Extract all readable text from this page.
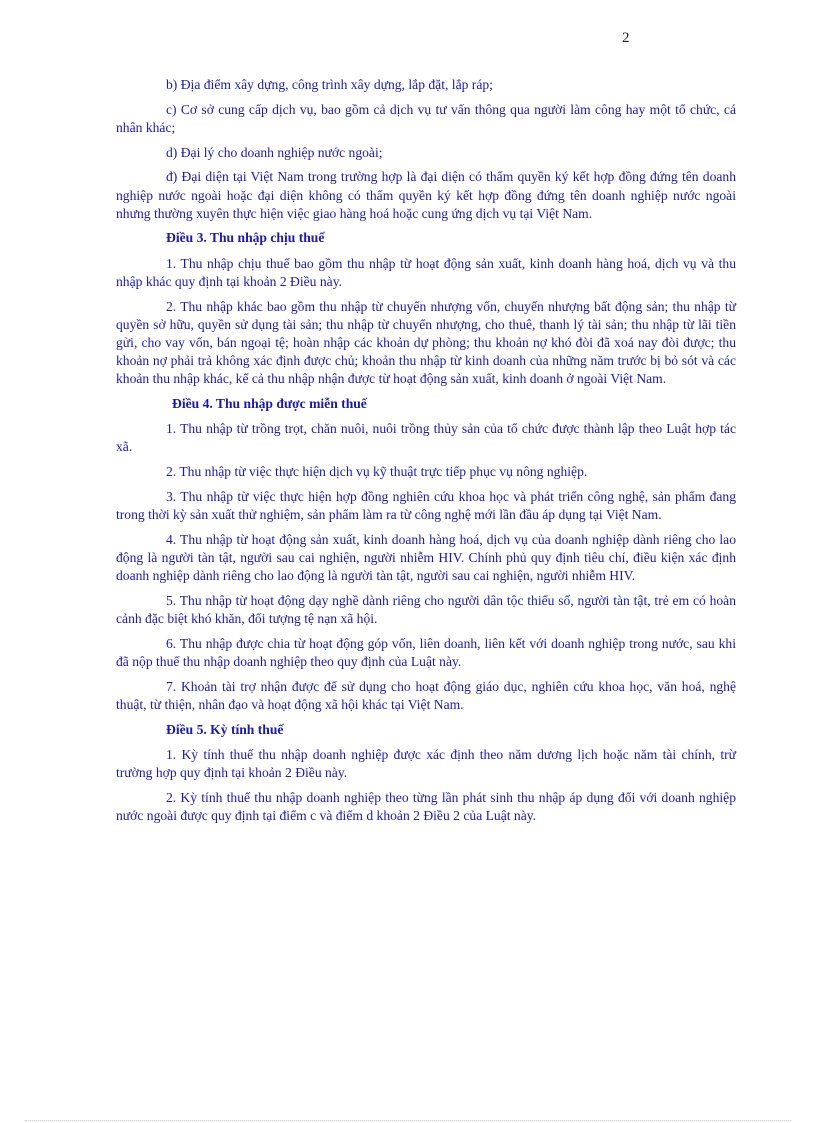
2

b) Địa điểm xây dựng, công trình xây dựng, lắp đặt, lắp ráp;

c) Cơ sở cung cấp dịch vụ, bao gồm cả dịch vụ tư vấn thông qua người làm công hay một tổ chức, cá nhân khác;

d) Đại lý cho doanh nghiệp nước ngoài;

đ) Đại diện tại Việt Nam trong trường hợp là đại diện có thẩm quyền ký kết hợp đồng đứng tên doanh nghiệp nước ngoài hoặc đại diện không có thẩm quyền ký kết hợp đồng đứng tên doanh nghiệp nước ngoài nhưng thường xuyên thực hiện việc giao hàng hoá hoặc cung ứng dịch vụ tại Việt Nam.

Điều 3. Thu nhập chịu thuế

1. Thu nhập chịu thuế bao gồm thu nhập từ hoạt động sản xuất, kinh doanh hàng hoá, dịch vụ và thu nhập khác quy định tại khoản 2 Điều này.

2. Thu nhập khác bao gồm thu nhập từ chuyển nhượng vốn, chuyển nhượng bất động sản; thu nhập từ quyền sở hữu, quyền sử dụng tài sản; thu nhập từ chuyển nhượng, cho thuê, thanh lý tài sản; thu nhập từ lãi tiền gửi, cho vay vốn, bán ngoại tệ; hoàn nhập các khoản dự phòng; thu khoản nợ khó đòi đã xoá nay đòi được; thu khoản nợ phải trả không xác định được chủ; khoản thu nhập từ kinh doanh của những năm trước bị bỏ sót và các khoản thu nhập khác, kể cả thu nhập nhận được từ hoạt động sản xuất, kinh doanh ở ngoài Việt Nam.

Điều 4. Thu nhập được miễn thuế

1. Thu nhập từ trồng trọt, chăn nuôi, nuôi trồng thủy sản của tổ chức được thành lập theo Luật hợp tác xã.

2. Thu nhập từ việc thực hiện dịch vụ kỹ thuật trực tiếp phục vụ nông nghiệp.

3. Thu nhập từ việc thực hiện hợp đồng nghiên cứu khoa học và phát triển công nghệ, sản phẩm đang trong thời kỳ sản xuất thử nghiệm, sản phẩm làm ra từ công nghệ mới lần đầu áp dụng tại Việt Nam.

4. Thu nhập từ hoạt động sản xuất, kinh doanh hàng hoá, dịch vụ của doanh nghiệp dành riêng cho lao động là người tàn tật, người sau cai nghiện, người nhiễm HIV. Chính phủ quy định tiêu chí, điều kiện xác định doanh nghiệp dành riêng cho lao động là người tàn tật, người sau cai nghiện, người nhiễm HIV.

5. Thu nhập từ hoạt động dạy nghề dành riêng cho người dân tộc thiểu số, người tàn tật, trẻ em có hoàn cảnh đặc biệt khó khăn, đối tượng tệ nạn xã hội.

6. Thu nhập được chia từ hoạt động góp vốn, liên doanh, liên kết với doanh nghiệp trong nước, sau khi đã nộp thuế thu nhập doanh nghiệp theo quy định của Luật này.

7. Khoản tài trợ nhận được để sử dụng cho hoạt động giáo dục, nghiên cứu khoa học, văn hoá, nghệ thuật, từ thiện, nhân đạo và hoạt động xã hội khác tại Việt Nam.

Điều 5. Kỳ tính thuế

1. Kỳ tính thuế thu nhập doanh nghiệp được xác định theo năm dương lịch hoặc năm tài chính, trừ trường hợp quy định tại khoản 2 Điều này.

2. Kỳ tính thuế thu nhập doanh nghiệp theo từng lần phát sinh thu nhập áp dụng đối với doanh nghiệp nước ngoài được quy định tại điểm c và điểm d khoản 2 Điều 2 của Luật này.
